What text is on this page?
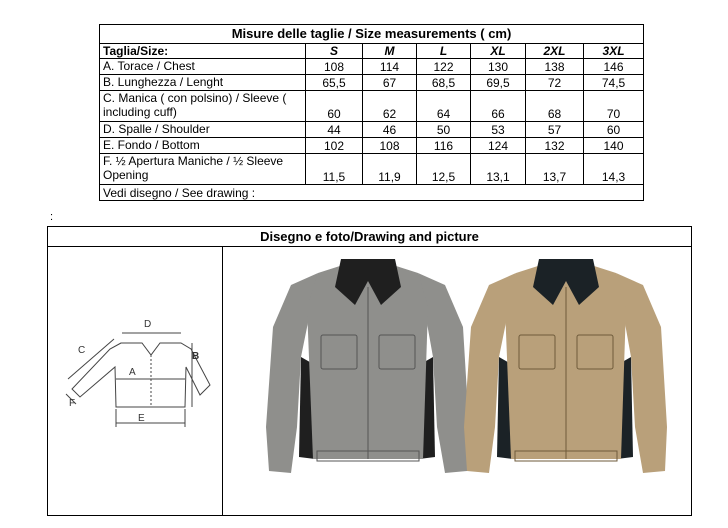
Misure delle taglie / Size measurements ( cm)						
Taglia/Size:	S	M	L	XL	2XL	3XL
A. Torace / Chest	108	114	122	130	138	146
B. Lunghezza / Lenght	65,5	67	68,5	69,5	72	74,5
C. Manica ( con polsino) / Sleeve ( including cuff)	60	62	64	66	68	70
D. Spalle / Shoulder	44	46	50	53	57	60
E. Fondo / Bottom	102	108	116	124	132	140
F. ½ Apertura Maniche / ½ Sleeve Opening	11,5	11,9	12,5	13,1	13,7	14,3
Vedi disegno / See drawing :						
:
Disegno e foto/Drawing and picture
D
C
B
A
E
F
